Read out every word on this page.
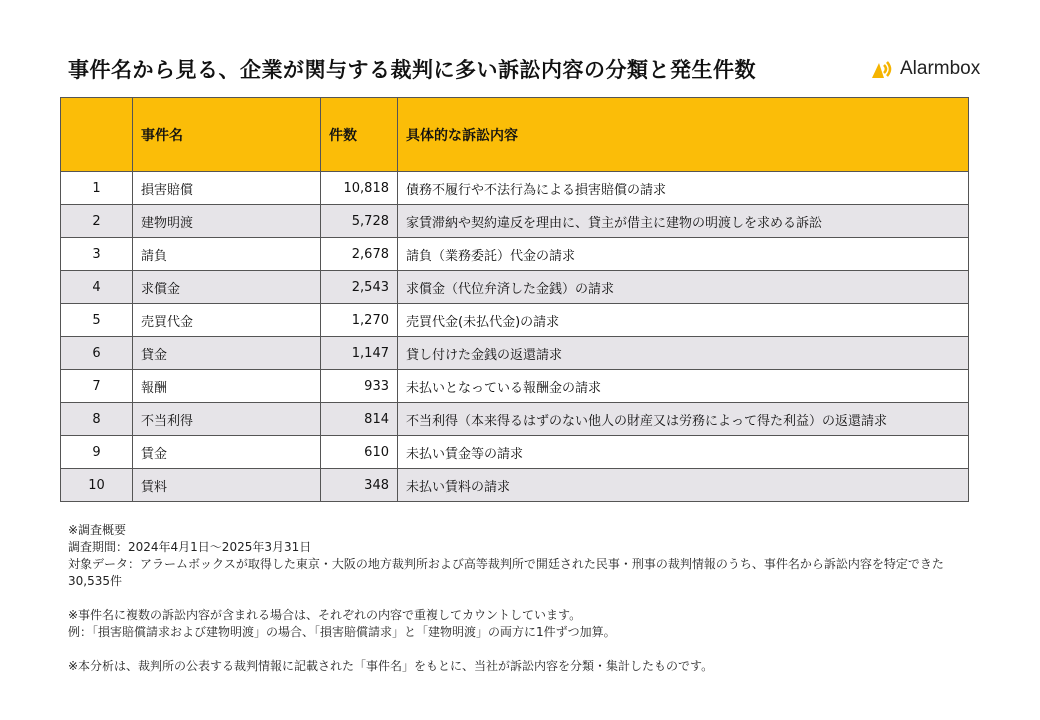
事件名から見る、企業が関与する裁判に多い訴訟内容の分類と発生件数	Alarmbox
	事件名	件数	具体的な訴訟内容
1	損害賠償	10,818	債務不履行や不法行為による損害賠償の請求
2	建物明渡	5,728	家賃滞納や契約違反を理由に、貸主が借主に建物の明渡しを求める訴訟
3	請負	2,678	請負（業務委託）代金の請求
4	求償金	2,543	求償金（代位弁済した金銭）の請求
5	売買代金	1,270	売買代金(未払代金)の請求
6	貸金	1,147	貸し付けた金銭の返還請求
7	報酬	933	未払いとなっている報酬金の請求
8	不当利得	814	不当利得（本来得るはずのない他人の財産又は労務によって得た利益）の返還請求
9	賃金	610	未払い賃金等の請求
10	賃料	348	未払い賃料の請求

※調査概要

調査期間：2024年4月1日〜2025年3月31日

対象データ：アラームボックスが取得した東京・大阪の地方裁判所および高等裁判所で開廷された民事・刑事の裁判情報のうち、事件名から訴訟内容を特定できた30,535件

※事件名に複数の訴訟内容が含まれる場合は、それぞれの内容で重複してカウントしています。

例：「損害賠償請求および建物明渡」の場合、「損害賠償請求」と「建物明渡」の両方に1件ずつ加算。

※本分析は、裁判所の公表する裁判情報に記載された「事件名」をもとに、当社が訴訟内容を分類・集計したものです。
